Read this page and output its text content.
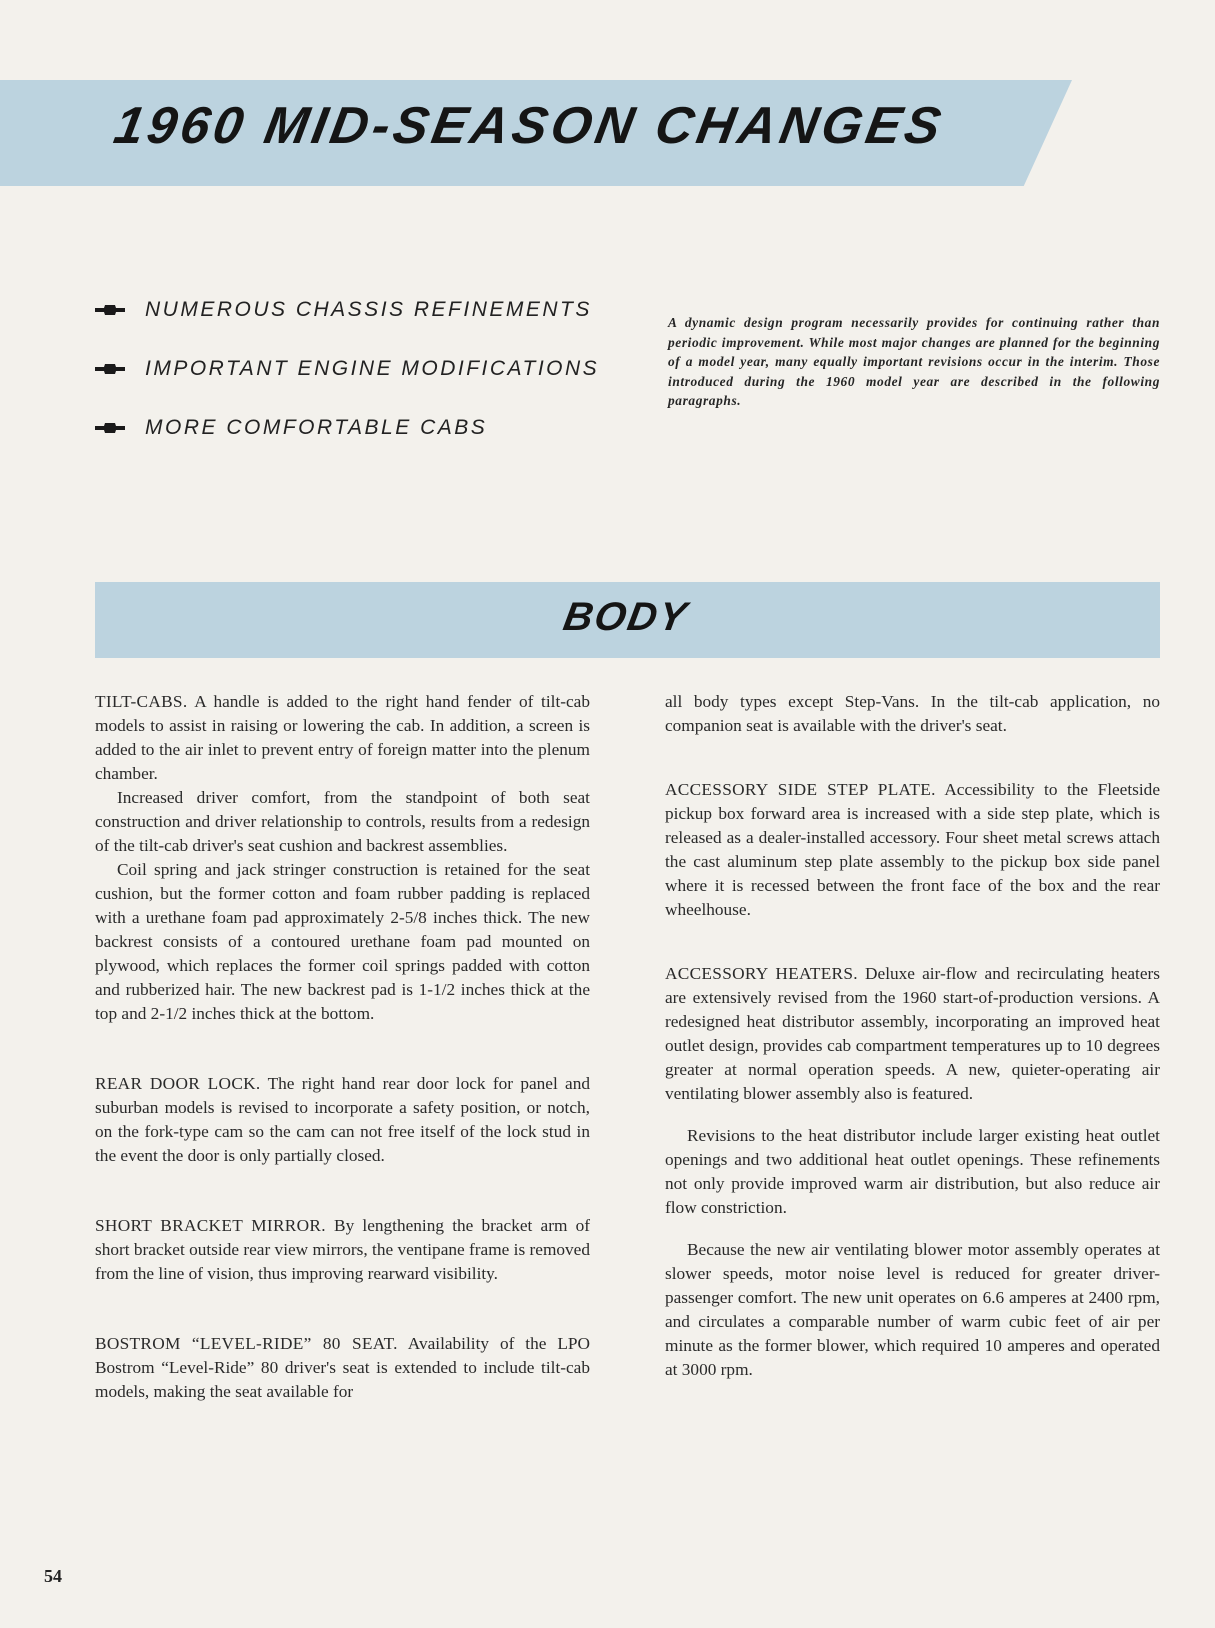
1960 MID-SEASON CHANGES
NUMEROUS CHASSIS REFINEMENTS
IMPORTANT ENGINE MODIFICATIONS
MORE COMFORTABLE CABS

A dynamic design program necessarily provides for continuing rather than periodic improvement. While most major changes are planned for the beginning of a model year, many equally important revisions occur in the interim. Those introduced during the 1960 model year are described in the following paragraphs.

BODY

TILT-CABS. A handle is added to the right hand fender of tilt-cab models to assist in raising or lowering the cab. In addition, a screen is added to the air inlet to prevent entry of foreign matter into the plenum chamber.

Increased driver comfort, from the standpoint of both seat construction and driver relationship to controls, results from a redesign of the tilt-cab driver's seat cushion and backrest assemblies.

Coil spring and jack stringer construction is retained for the seat cushion, but the former cotton and foam rubber padding is replaced with a urethane foam pad approximately 2-5/8 inches thick. The new backrest consists of a contoured urethane foam pad mounted on plywood, which replaces the former coil springs padded with cotton and rubberized hair. The new backrest pad is 1-1/2 inches thick at the top and 2-1/2 inches thick at the bottom.

REAR DOOR LOCK. The right hand rear door lock for panel and suburban models is revised to incorporate a safety position, or notch, on the fork-type cam so the cam can not free itself of the lock stud in the event the door is only partially closed.

SHORT BRACKET MIRROR. By lengthening the bracket arm of short bracket outside rear view mirrors, the ventipane frame is removed from the line of vision, thus improving rearward visibility.

BOSTROM “LEVEL-RIDE” 80 SEAT. Availability of the LPO Bostrom “Level-Ride” 80 driver's seat is extended to include tilt-cab models, making the seat available for

all body types except Step-Vans. In the tilt-cab application, no companion seat is available with the driver's seat.

ACCESSORY SIDE STEP PLATE. Accessibility to the Fleetside pickup box forward area is increased with a side step plate, which is released as a dealer-installed accessory. Four sheet metal screws attach the cast aluminum step plate assembly to the pickup box side panel where it is recessed between the front face of the box and the rear wheelhouse.

ACCESSORY HEATERS. Deluxe air-flow and recirculating heaters are extensively revised from the 1960 start-of-production versions. A redesigned heat distributor assembly, incorporating an improved heat outlet design, provides cab compartment temperatures up to 10 degrees greater at normal operation speeds. A new, quieter-operating air ventilating blower assembly also is featured.

Revisions to the heat distributor include larger existing heat outlet openings and two additional heat outlet openings. These refinements not only provide improved warm air distribution, but also reduce air flow constriction.

Because the new air ventilating blower motor assembly operates at slower speeds, motor noise level is reduced for greater driver-passenger comfort. The new unit operates on 6.6 amperes at 2400 rpm, and circulates a comparable number of warm cubic feet of air per minute as the former blower, which required 10 amperes and operated at 3000 rpm.

54
